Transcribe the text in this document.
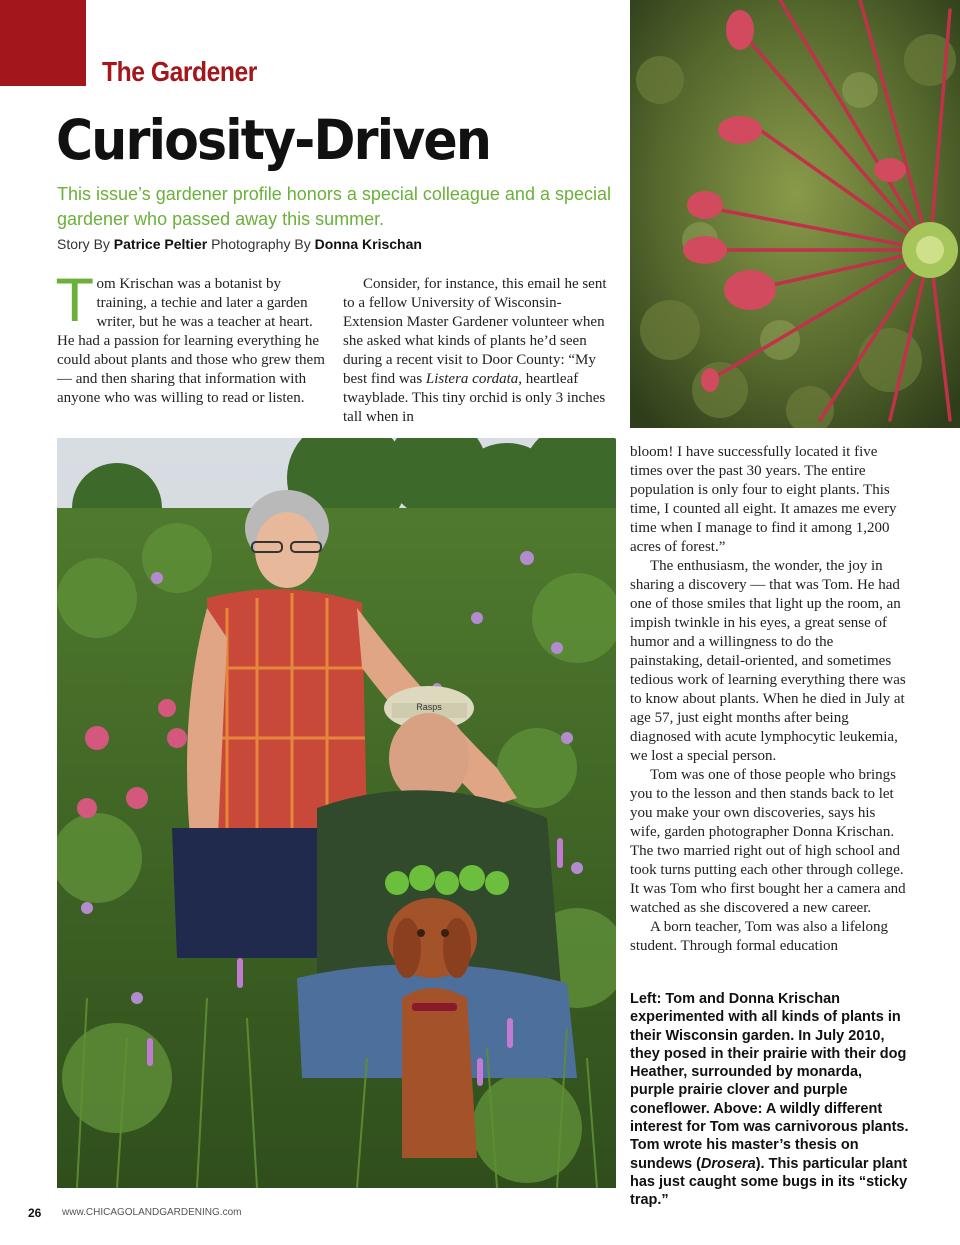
The Gardener
Curiosity-Driven
This issue’s gardener profile honors a special colleague and a special gardener who passed away this summer.
Story By Patrice Peltier Photography By Donna Krischan

Tom Krischan was a botanist by training, a techie and later a garden writer, but he was a teacher at heart. He had a passion for learning everything he could about plants and those who grew them — and then sharing that information with anyone who was willing to read or listen.

Consider, for instance, this email he sent to a fellow University of Wisconsin-Extension Master Gardener volunteer when she asked what kinds of plants he’d seen during a recent visit to Door County: “My best find was Listera cordata, heartleaf twayblade. This tiny orchid is only 3 inches tall when in

Rasps

bloom! I have successfully located it five times over the past 30 years. The entire population is only four to eight plants. This time, I counted all eight. It amazes me every time when I manage to find it among 1,200 acres of forest.”

The enthusiasm, the wonder, the joy in sharing a discovery — that was Tom. He had one of those smiles that light up the room, an impish twinkle in his eyes, a great sense of humor and a willingness to do the painstaking, detail-oriented, and sometimes tedious work of learning everything there was to know about plants. When he died in July at age 57, just eight months after being diagnosed with acute lymphocytic leukemia, we lost a special person.

Tom was one of those people who brings you to the lesson and then stands back to let you make your own discoveries, says his wife, garden photographer Donna Krischan. The two married right out of high school and took turns putting each other through college. It was Tom who first bought her a camera and watched as she discovered a new career.

A born teacher, Tom was also a lifelong student. Through formal education

Left: Tom and Donna Krischan experimented with all kinds of plants in their Wisconsin garden. In July 2010, they posed in their prairie with their dog Heather, surrounded by monarda, purple prairie clover and purple coneflower. Above: A wildly different interest for Tom was carnivorous plants. Tom wrote his master’s thesis on sundews (Drosera). This particular plant has just caught some bugs in its “sticky trap.”
26 www.CHICAGOLANDGARDENING.com
